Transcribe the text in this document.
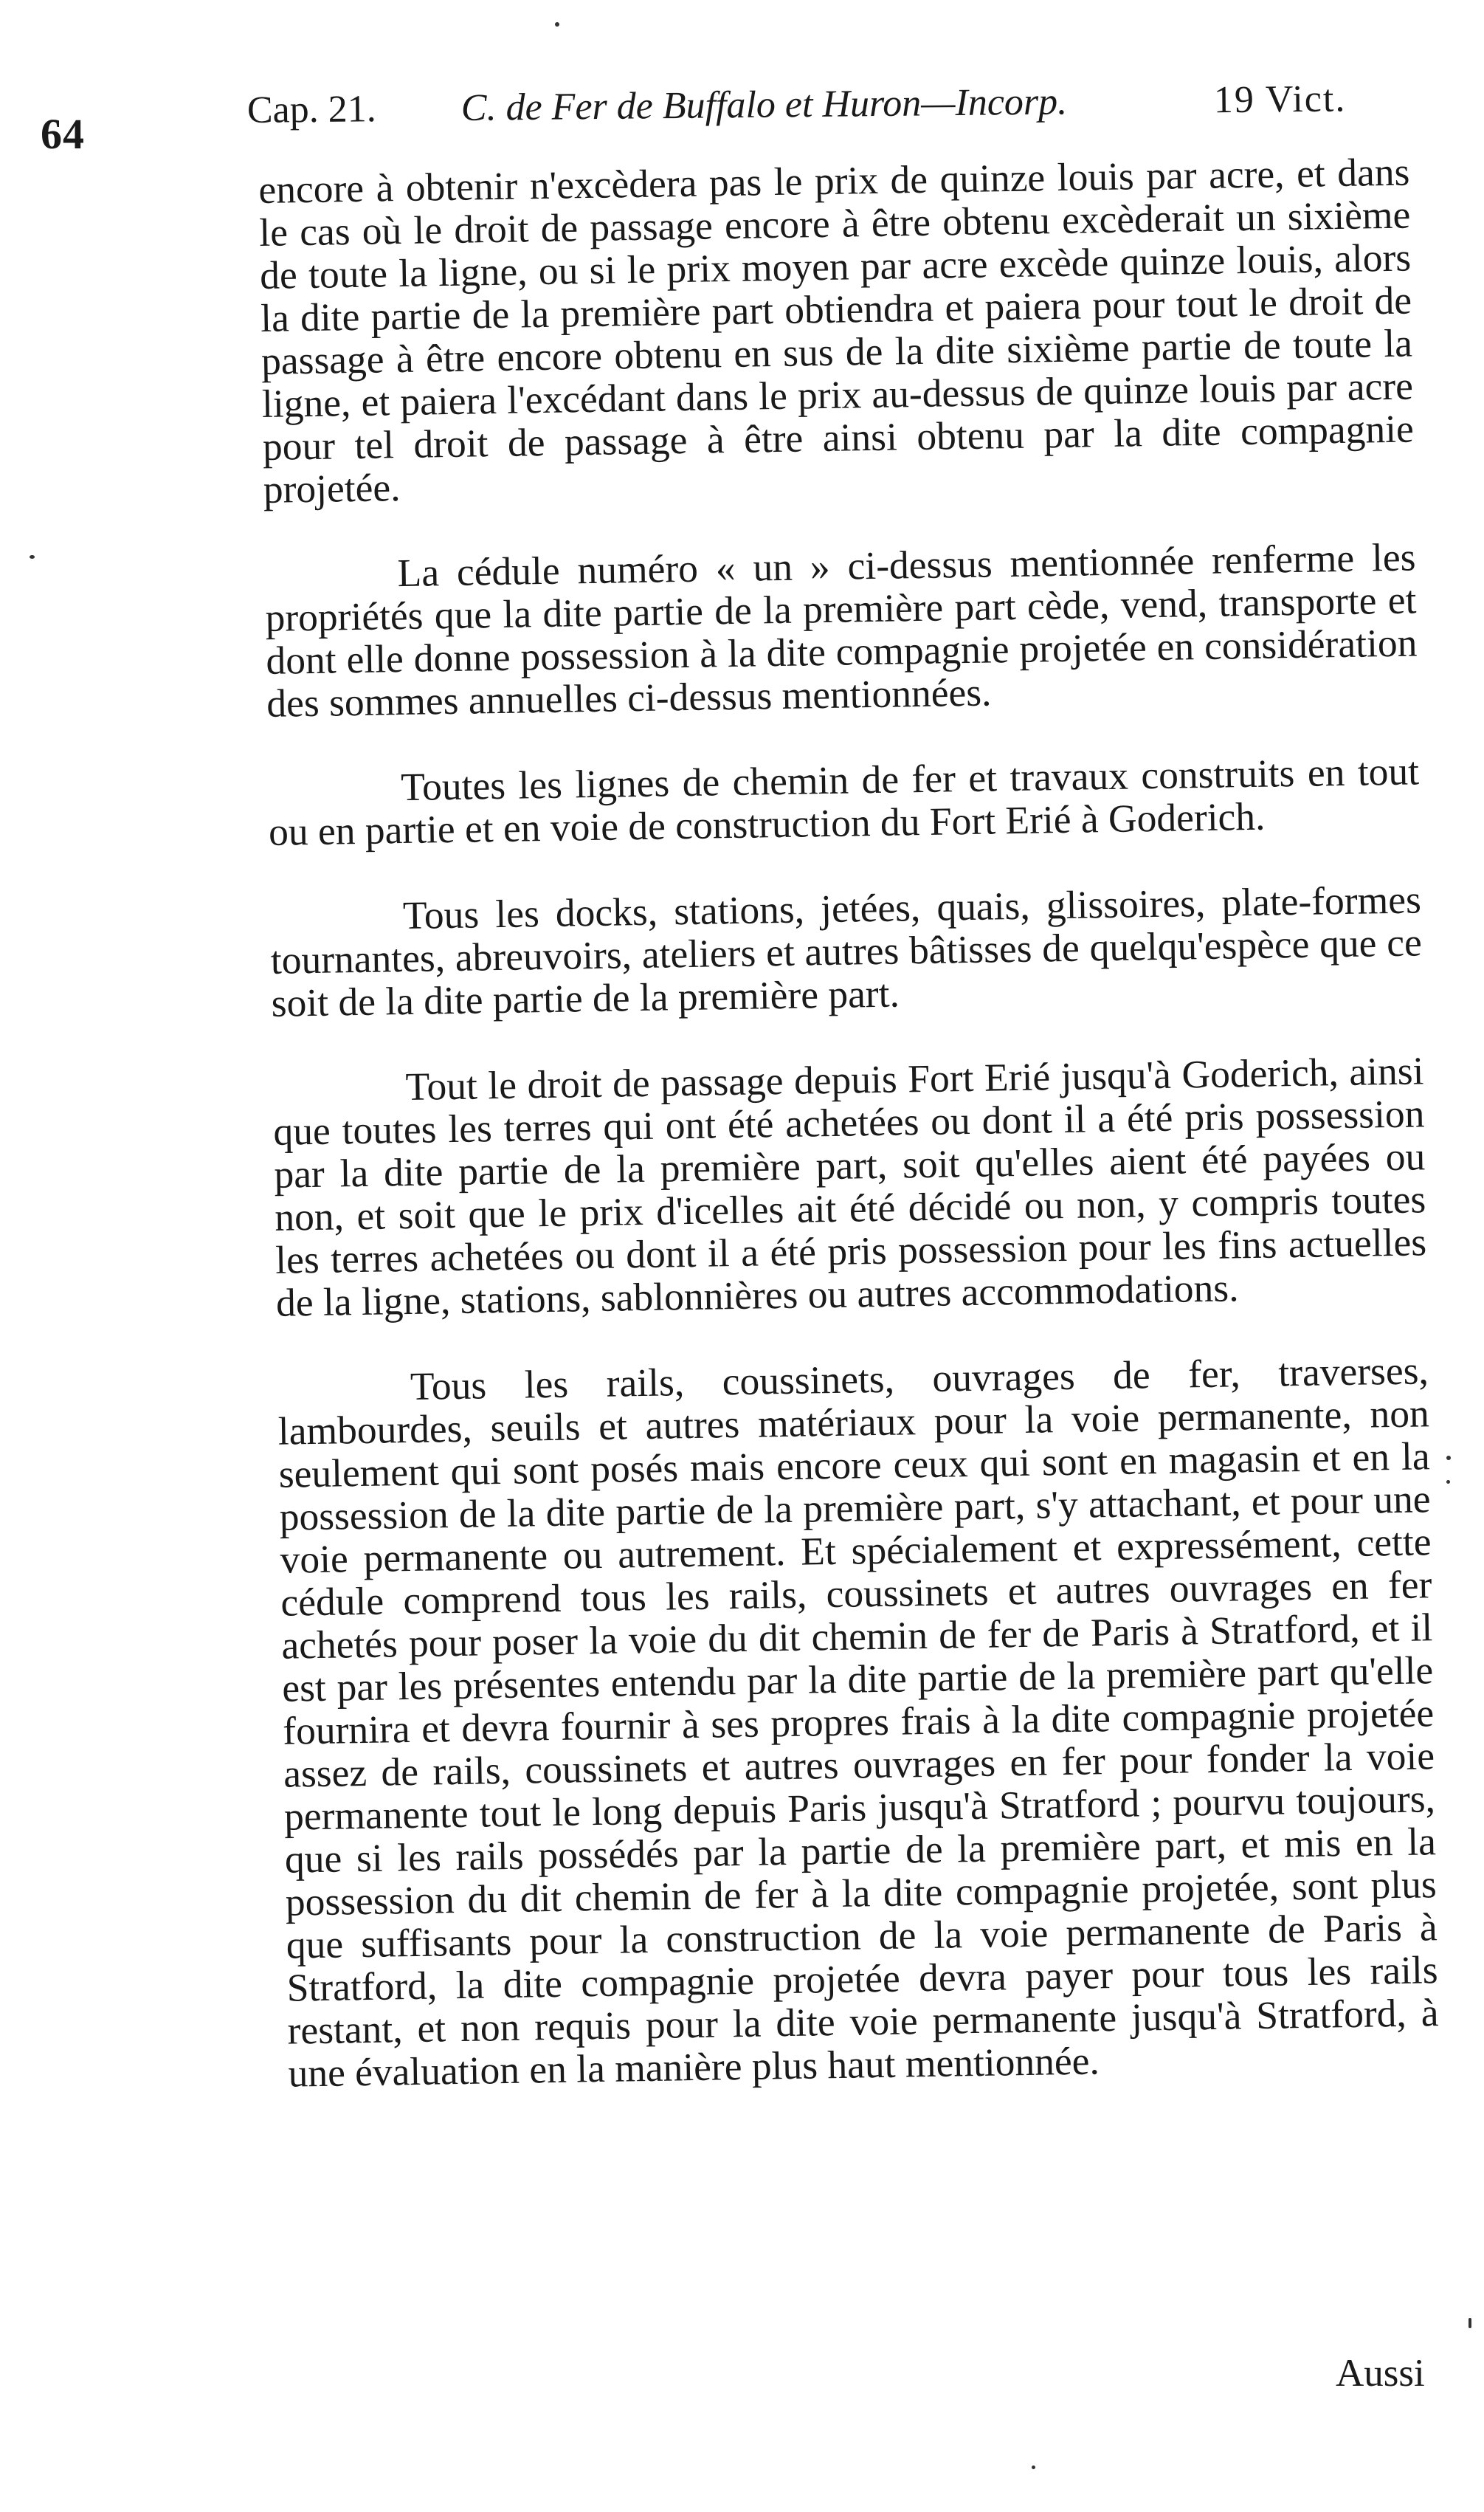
64
Cap. 21. C. de Fer de Buffalo et Huron—Incorp.	19 Vict.

encore à obtenir n'excèdera pas le prix de quinze louis par acre, et dans le cas où le droit de passage encore à être obtenu excèderait un sixième de toute la ligne, ou si le prix moyen par acre excède quinze louis, alors la dite partie de la première part obtiendra et paiera pour tout le droit de passage à être encore obtenu en sus de la dite sixième partie de toute la ligne, et paiera l'excédant dans le prix au-dessus de quinze louis par acre pour tel droit de passage à être ainsi obtenu par la dite compagnie projetée.

La cédule numéro « un » ci-dessus mentionnée renferme les propriétés que la dite partie de la première part cède, vend, transporte et dont elle donne possession à la dite compagnie projetée en considération des sommes annuelles ci-dessus mentionnées.

Toutes les lignes de chemin de fer et travaux construits en tout ou en partie et en voie de construction du Fort Erié à Goderich.

Tous les docks, stations, jetées, quais, glissoires, plate-formes tournantes, abreuvoirs, ateliers et autres bâtisses de quelqu'espèce que ce soit de la dite partie de la première part.

Tout le droit de passage depuis Fort Erié jusqu'à Goderich, ainsi que toutes les terres qui ont été achetées ou dont il a été pris possession par la dite partie de la première part, soit qu'elles aient été payées ou non, et soit que le prix d'icelles ait été décidé ou non, y compris toutes les terres achetées ou dont il a été pris possession pour les fins actuelles de la ligne, stations, sablonnières ou autres accommodations.

Tous les rails, coussinets, ouvrages de fer, traverses, lambourdes, seuils et autres matériaux pour la voie permanente, non seulement qui sont posés mais encore ceux qui sont en magasin et en la possession de la dite partie de la première part, s'y attachant, et pour une voie permanente ou autrement. Et spécialement et expressément, cette cédule comprend tous les rails, coussinets et autres ouvrages en fer achetés pour poser la voie du dit chemin de fer de Paris à Stratford, et il est par les présentes entendu par la dite partie de la première part qu'elle fournira et devra fournir à ses propres frais à la dite compagnie projetée assez de rails, coussinets et autres ouvrages en fer pour fonder la voie permanente tout le long depuis Paris jusqu'à Stratford ; pourvu toujours, que si les rails possédés par la partie de la première part, et mis en la possession du dit chemin de fer à la dite compagnie projetée, sont plus que suffisants pour la construction de la voie permanente de Paris à Stratford, la dite compagnie projetée devra payer pour tous les rails restant, et non requis pour la dite voie permanente jusqu'à Stratford, à une évaluation en la manière plus haut mentionnée.

Aussi
